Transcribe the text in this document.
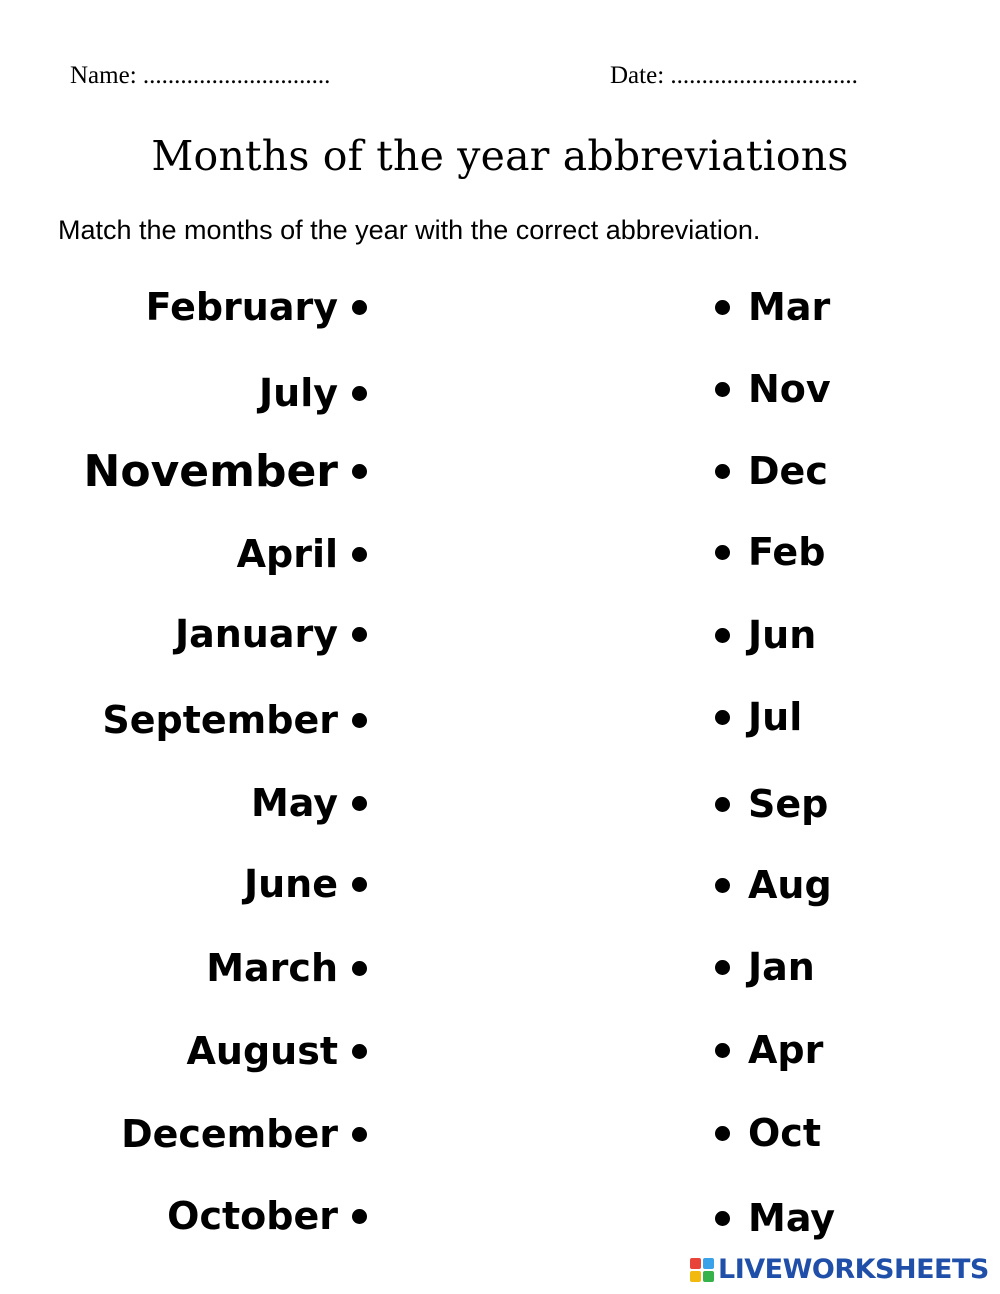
Name: ..............................	Date: ..............................
Months of the year abbreviations
Match the months of the year with the correct abbreviation.
February
July
November
April
January
September
May
June
March
August
December
October
Mar
Nov
Dec
Feb
Jun
Jul
Sep
Aug
Jan
Apr
Oct
May
LIVEWORKSHEETS
